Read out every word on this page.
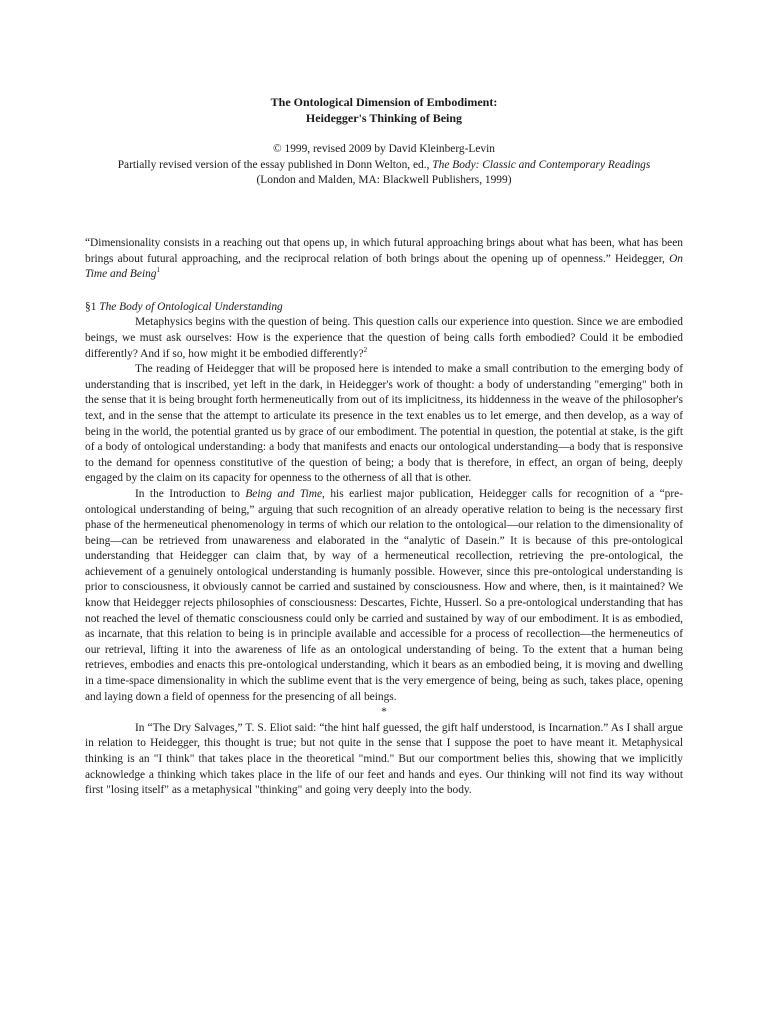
The Ontological Dimension of Embodiment:

Heidegger's Thinking of Being

© 1999, revised 2009 by David Kleinberg-Levin
Partially revised version of the essay published in Donn Welton, ed., The Body: Classic and Contemporary Readings
(London and Malden, MA: Blackwell Publishers, 1999)

“Dimensionality consists in a reaching out that opens up, in which futural approaching brings about what has been, what has been brings about futural approaching, and the reciprocal relation of both brings about the opening up of openness.” Heidegger, On Time and Being$^1$

§1 The Body of Ontological Understanding

Metaphysics begins with the question of being. This question calls our experience into question. Since we are embodied beings, we must ask ourselves: How is the experience that the question of being calls forth embodied? Could it be embodied differently? And if so, how might it be embodied differently?$^2$

The reading of Heidegger that will be proposed here is intended to make a small contribution to the emerging body of understanding that is inscribed, yet left in the dark, in Heidegger's work of thought: a body of understanding "emerging" both in the sense that it is being brought forth hermeneutically from out of its implicitness, its hiddenness in the weave of the philosopher's text, and in the sense that the attempt to articulate its presence in the text enables us to let emerge, and then develop, as a way of being in the world, the potential granted us by grace of our embodiment. The potential in question, the potential at stake, is the gift of a body of ontological understanding: a body that manifests and enacts our ontological understanding—a body that is responsive to the demand for openness constitutive of the question of being; a body that is therefore, in effect, an organ of being, deeply engaged by the claim on its capacity for openness to the otherness of all that is other.

In the Introduction to Being and Time, his earliest major publication, Heidegger calls for recognition of a “pre-ontological understanding of being,” arguing that such recognition of an already operative relation to being is the necessary first phase of the hermeneutical phenomenology in terms of which our relation to the ontological—our relation to the dimensionality of being—can be retrieved from unawareness and elaborated in the “analytic of Dasein.” It is because of this pre-ontological understanding that Heidegger can claim that, by way of a hermeneutical recollection, retrieving the pre-ontological, the achievement of a genuinely ontological understanding is humanly possible. However, since this pre-ontological understanding is prior to consciousness, it obviously cannot be carried and sustained by consciousness. How and where, then, is it maintained? We know that Heidegger rejects philosophies of consciousness: Descartes, Fichte, Husserl. So a pre-ontological understanding that has not reached the level of thematic consciousness could only be carried and sustained by way of our embodiment. It is as embodied, as incarnate, that this relation to being is in principle available and accessible for a process of recollection—the hermeneutics of our retrieval, lifting it into the awareness of life as an ontological understanding of being. To the extent that a human being retrieves, embodies and enacts this pre-ontological understanding, which it bears as an embodied being, it is moving and dwelling in a time-space dimensionality in which the sublime event that is the very emergence of being, being as such, takes place, opening and laying down a field of openness for the presencing of all beings.

*

In “The Dry Salvages,” T. S. Eliot said: “the hint half guessed, the gift half understood, is Incarnation.” As I shall argue in relation to Heidegger, this thought is true; but not quite in the sense that I suppose the poet to have meant it. Metaphysical thinking is an "I think" that takes place in the theoretical "mind." But our comportment belies this, showing that we implicitly acknowledge a thinking which takes place in the life of our feet and hands and eyes. Our thinking will not find its way without first "losing itself" as a metaphysical "thinking" and going very deeply into the body.
